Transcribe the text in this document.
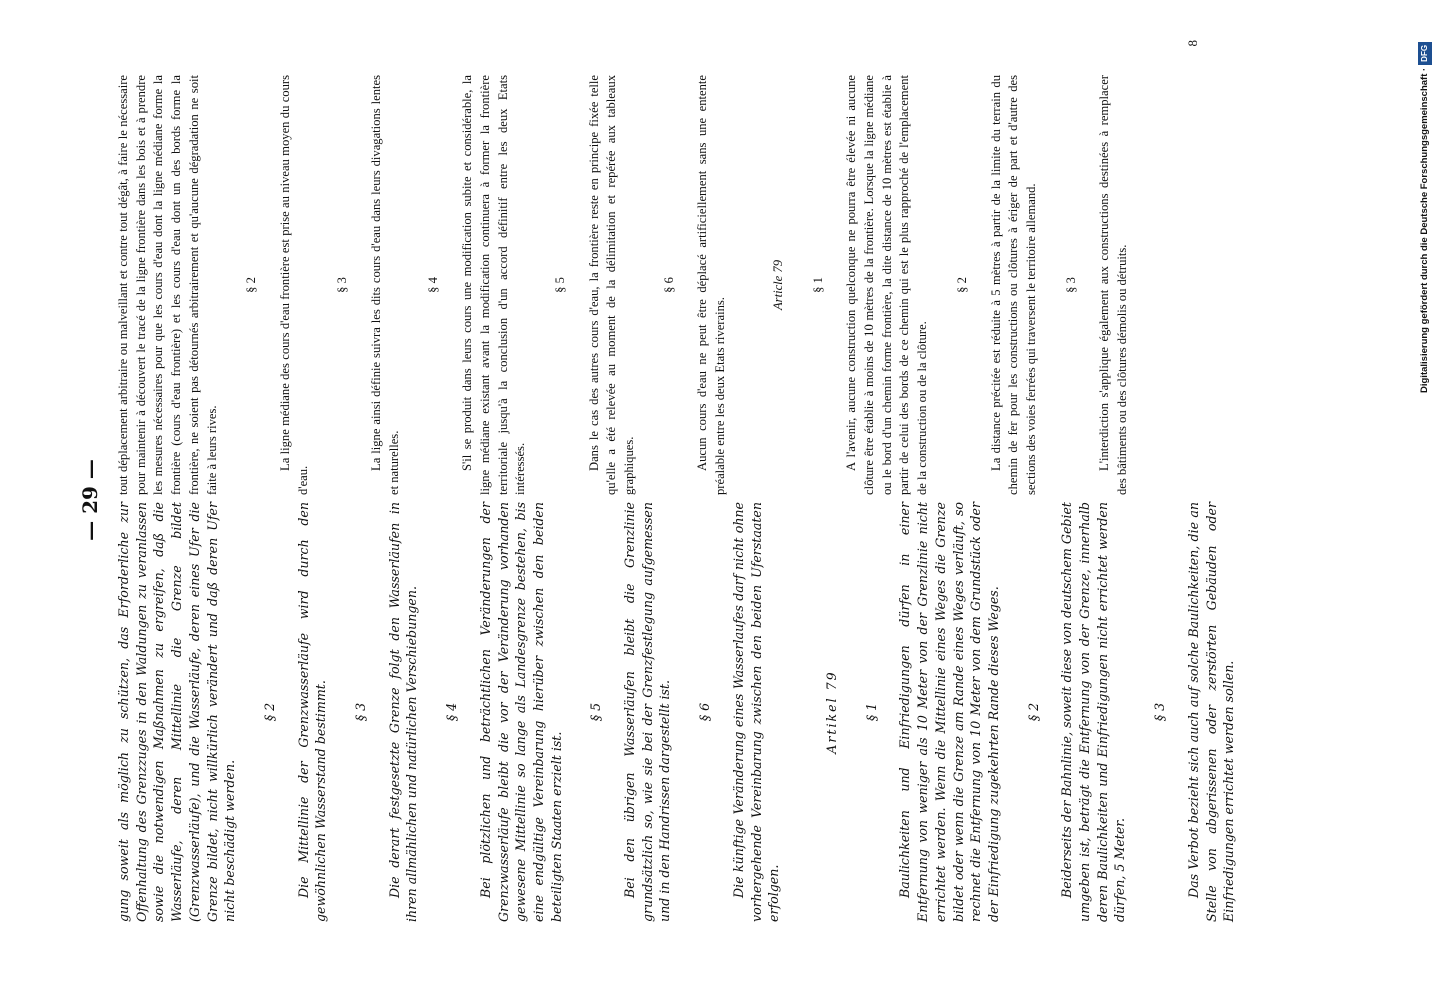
— 29 —

gung soweit als möglich zu schützen, das Erforderliche zur Offenhaltung des Grenzzuges in den Waldungen zu veranlassen sowie die notwendigen Maßnahmen zu ergreifen, daß die Wasserläufe, deren Mittellinie die Grenze bildet (Grenzwasserläufe), und die Wasserläufe, deren eines Ufer die Grenze bildet, nicht willkürlich verändert und daß deren Ufer nicht beschädigt werden.

§ 2 Die Mittellinie der Grenzwasserläufe wird durch den gewöhnlichen Wasserstand bestimmt. § 3 Die derart festgesetzte Grenze folgt den Wasserläufen in ihren allmählichen und natürlichen Verschiebungen. § 4 Bei plötzlichen und beträchtlichen Veränderungen der Grenzwasserläufe bleibt die vor der Veränderung vorhanden gewesene Mittellinie so lange als Landesgrenze bestehen, bis eine endgültige Vereinbarung hierüber zwischen den beiden beteiligten Staaten erzielt ist.

§ 5 Bei den übrigen Wasserläufen bleibt die Grenzlinie grundsätzlich so, wie sie bei der Grenzfestlegung aufgemessen und in den Handrissen dargestellt ist. § 6 Die künftige Veränderung eines Wasserlaufes darf nicht ohne vorhergehende Vereinbarung zwischen den beiden Uferstaaten erfolgen.

Artikel 79 § 1 Baulichkeiten und Einfriedigungen dürfen in einer Entfernung von weniger als 10 Meter von der Grenzlinie nicht errichtet werden. Wenn die Mittellinie eines Weges die Grenze bildet oder wenn die Grenze am Rande eines Weges verläuft, so rechnet die Entfernung von 10 Meter von dem Grundstück oder der Einfriedigung zugekehrten Rande dieses Weges. § 2 Beiderseits der Bahnlinie, soweit diese von deutschem Gebiet umgeben ist, beträgt die Entfernung von der Grenze, innerhalb deren Baulichkeiten und Einfriedigungen nicht errichtet werden dürfen, 5 Meter.

§ 3 Das Verbot bezieht sich auch auf solche Baulichkeiten, die an Stelle von abgerissenen oder zerstörten Gebäuden oder Einfriedigungen errichtet werden sollen.

tout déplacement arbitraire ou malveillant et contre tout dégât, à faire le nécessaire pour maintenir à découvert le tracé de la ligne frontière dans les bois et à prendre les mesures nécessaires pour que les cours d'eau dont la ligne médiane forme la frontière (cours d'eau frontière) et les cours d'eau dont un des bords forme la frontière, ne soient pas détournés arbitrairement et qu'aucune dégradation ne soit faite à leurs rives.

§ 2 La ligne médiane des cours d'eau frontière est prise au niveau moyen du cours d'eau.

§ 3 La ligne ainsi définie suivra les dits cours d'eau dans leurs divagations lentes et naturelles.

§ 4 S'il se produit dans leurs cours une modification subite et considérable, la ligne médiane existant avant la modification continuera à former la frontière territoriale jusqu'à la conclusion d'un accord définitif entre les deux Etats intéressés.

§ 5 Dans le cas des autres cours d'eau, la frontière reste en principe fixée telle qu'elle a été relevée au moment de la délimitation et repérée aux tableaux graphiques.

§ 6 Aucun cours d'eau ne peut être déplacé artificiellement sans une entente préalable entre les deux Etats riverains.

Article 79 § 1 A l'avenir, aucune construction quelconque ne pourra être élevée ni aucune clôture être établie à moins de 10 mètres de la frontière. Lorsque la ligne médiane ou le bord d'un chemin forme frontière, la dite distance de 10 mètres est établie à partir de celui des bords de ce chemin qui est le plus rapproché de l'emplacement de la construction ou de la clôture.

§ 2 La distance précitée est réduite à 5 mètres à partir de la limite du terrain du chemin de fer pour les constructions ou clôtures à ériger de part et d'autre des sections des voies ferrées qui traversent le territoire allemand. § 3 L'interdiction s'applique également aux constructions destinées à remplacer des bâtiments ou des clôtures démolis ou détruits.

8
Digitalisierung gefördert durch die Deutsche Forschungsgemeinschaft ·DFG
